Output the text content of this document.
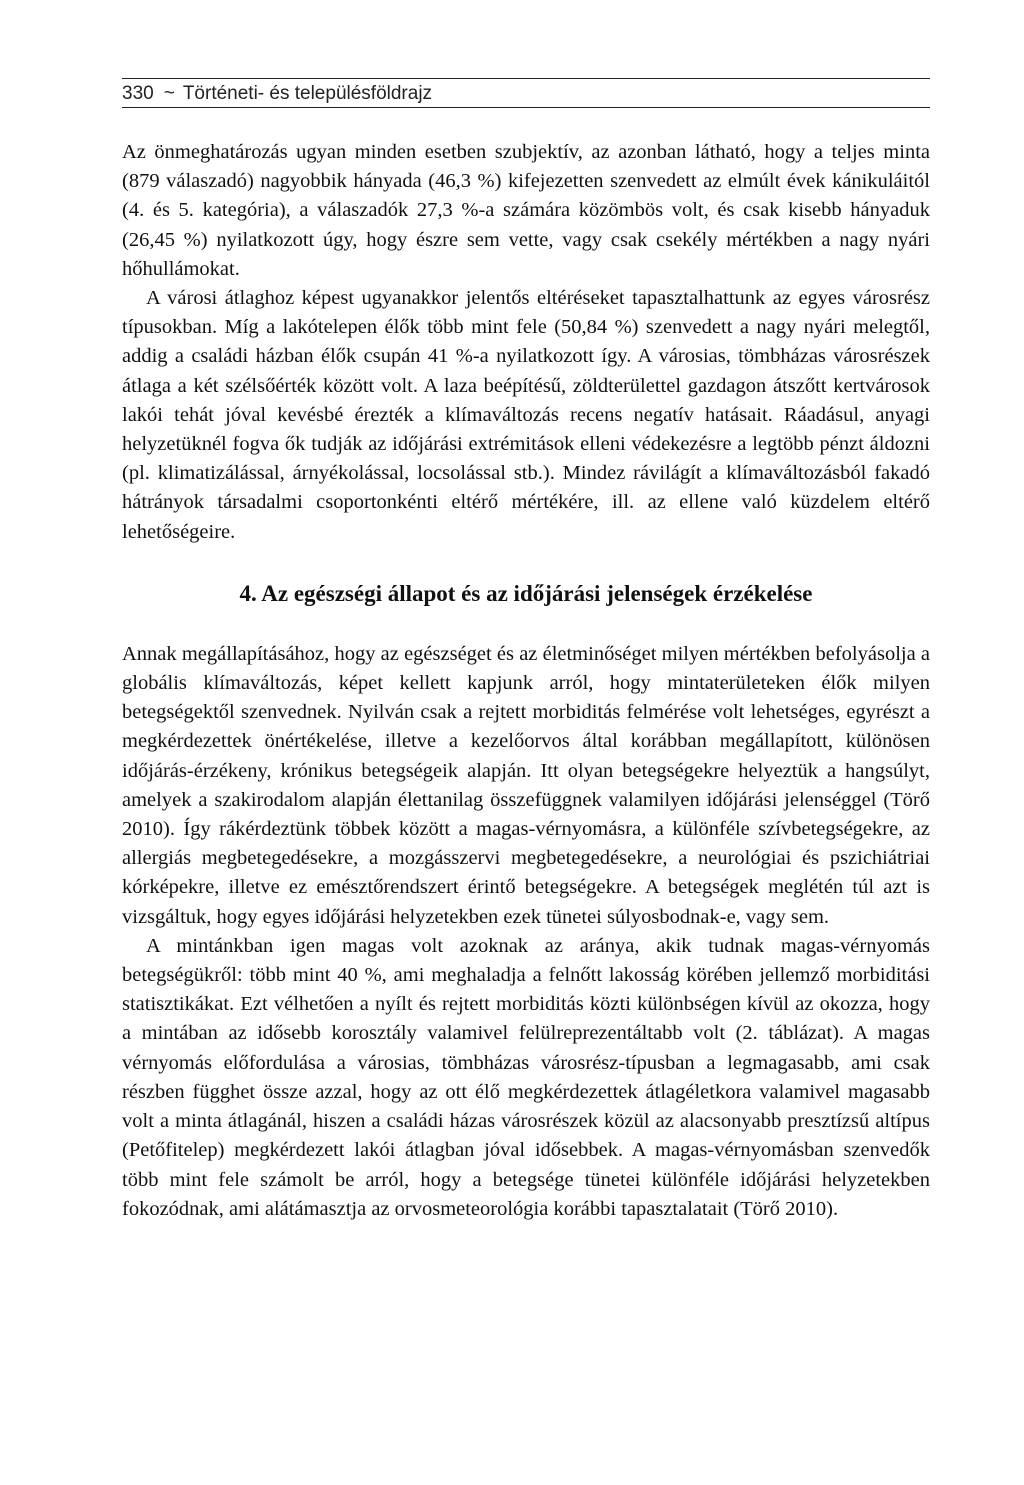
330 ~ Történeti- és településföldrajz

Az önmeghatározás ugyan minden esetben szubjektív, az azonban látható, hogy a teljes minta (879 válaszadó) nagyobbik hányada (46,3 %) kifejezetten szenvedett az elmúlt évek kánikuláitól (4. és 5. kategória), a válaszadók 27,3 %-a számára közömbös volt, és csak kisebb hányaduk (26,45 %) nyilatkozott úgy, hogy észre sem vette, vagy csak csekély mértékben a nagy nyári hőhullámokat.

A városi átlaghoz képest ugyanakkor jelentős eltéréseket tapasztalhattunk az egyes városrész típusokban. Míg a lakótelepen élők több mint fele (50,84 %) szenvedett a nagy nyári melegtől, addig a családi házban élők csupán 41 %-a nyilatkozott így. A városias, tömbházas városrészek átlaga a két szélsőérték között volt. A laza beépítésű, zöldterülettel gazdagon átszőtt kertvárosok lakói tehát jóval kevésbé érezték a klímaváltozás recens negatív hatásait. Ráadásul, anyagi helyzetüknél fogva ők tudják az időjárási extrémitások elleni védekezésre a legtöbb pénzt áldozni (pl. klimatizálással, árnyékolással, locsolással stb.). Mindez rávilágít a klímaváltozásból fakadó hátrányok társadalmi csoportonkénti eltérő mértékére, ill. az ellene való küzdelem eltérő lehetőségeire.

4. Az egészségi állapot és az időjárási jelenségek érzékelése

Annak megállapításához, hogy az egészséget és az életminőséget milyen mértékben befolyásolja a globális klímaváltozás, képet kellett kapjunk arról, hogy mintaterületeken élők milyen betegségektől szenvednek. Nyilván csak a rejtett morbiditás felmérése volt lehetséges, egyrészt a megkérdezettek önértékelése, illetve a kezelőorvos által korábban megállapított, különösen időjárás-érzékeny, krónikus betegségeik alapján. Itt olyan betegségekre helyeztük a hangsúlyt, amelyek a szakirodalom alapján élettanilag összefüggnek valamilyen időjárási jelenséggel (Törő 2010). Így rákérdeztünk többek között a magas-vérnyomásra, a különféle szívbetegségekre, az allergiás megbetegedésekre, a mozgásszervi megbetegedésekre, a neurológiai és pszichiátriai kórképekre, illetve ez emésztőrendszert érintő betegségekre. A betegségek meglétén túl azt is vizsgáltuk, hogy egyes időjárási helyzetekben ezek tünetei súlyosbodnak-e, vagy sem.

A mintánkban igen magas volt azoknak az aránya, akik tudnak magas-vérnyomás betegségükről: több mint 40 %, ami meghaladja a felnőtt lakosság körében jellemző morbiditási statisztikákat. Ezt vélhetően a nyílt és rejtett morbiditás közti különbségen kívül az okozza, hogy a mintában az idősebb korosztály valamivel felülreprezentáltabb volt (2. táblázat). A magas vérnyomás előfordulása a városias, tömbházas városrész-típusban a legmagasabb, ami csak részben függhet össze azzal, hogy az ott élő megkérdezettek átlagéletkora valamivel magasabb volt a minta átlagánál, hiszen a családi házas városrészek közül az alacsonyabb presztízsű altípus (Petőfitelep) megkérdezett lakói átlagban jóval idősebbek. A magas-vérnyomásban szenvedők több mint fele számolt be arról, hogy a betegsége tünetei különféle időjárási helyzetekben fokozódnak, ami alátámasztja az orvosmeteorológia korábbi tapasztalatait (Törő 2010).
